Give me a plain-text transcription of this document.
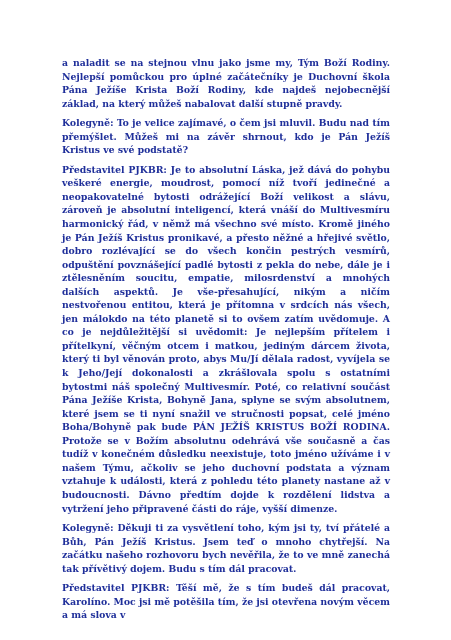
a naladit se na stejnou vlnu jako jsme my, Tým Boží Rodiny. Nejlepší pomůckou pro úplné začátečníky je Duchovní škola Pána Ježíše Krista Boží Rodiny, kde najdeš nejobecnější základ, na který můžeš nabalovat další stupně pravdy.

Kolegyně: To je velice zajímavé, o čem jsi mluvil. Budu nad tím přemýšlet. Můžeš mi na závěr shrnout, kdo je Pán Ježíš Kristus ve své podstatě?

Představitel PJKBR: Je to absolutní Láska, jež dává do pohybu veškeré energie, moudrost, pomocí níž tvoří jedinečné a neopakovatelné bytosti odrážející Boží velikost a slávu, zároveň je absolutní inteligencí, která vnáší do Multivesmíru harmonický řád, v němž má všechno své místo. Kromě jiného je Pán Ježíš Kristus pronikavé, a přesto něžné a hřejivé světlo, dobro rozlévající se do všech končin pestrých vesmírů, odpuštění povznášející padlé bytosti z pekla do nebe, dále je i ztělesněním soucitu, empatie, milosrdenství a mnohých dalších aspektů. Je vše-přesahující, nikým a ničím nestvořenou entitou, která je přítomna v srdcích nás všech, jen málokdo na této planetě si to ovšem zatím uvědomuje. A co je nejdůležitější si uvědomit: Je nejlepším přítelem i přítelkyní, věčným otcem i matkou, jediným dárcem života, který ti byl věnován proto, abys Mu/Jí dělala radost, vyvíjela se k Jeho/Její dokonalosti a zkrášlovala spolu s ostatními bytostmi náš společný Multivesmír. Poté, co relativní součást Pána Ježíše Krista, Bohyně Jana, splyne se svým absolutnem, které jsem se ti nyní snažil ve stručnosti popsat, celé jméno Boha/Bohyně pak bude PÁN JEŽÍŠ KRISTUS BOŽÍ RODINA. Protože se v Božím absolutnu odehrává vše současně a čas tudíž v konečném důsledku neexistuje, toto jméno užíváme i v našem Týmu, ačkoliv se jeho duchovní podstata a význam vztahuje k události, která z pohledu této planety nastane až v budoucnosti. Dávno předtím dojde k rozdělení lidstva a vytržení jeho připravené části do ráje, vyšší dimenze.

Kolegyně: Děkuji ti za vysvětlení toho, kým jsi ty, tví přátelé a Bůh, Pán Ježíš Kristus. Jsem teď o mnoho chytřejší. Na začátku našeho rozhovoru bych nevěřila, že to ve mně zanechá tak přívětivý dojem. Budu s tím dál pracovat.

Představitel PJKBR: Těší mě, že s tím budeš dál pracovat, Karolíno. Moc jsi mě potěšila tím, že jsi otevřena novým věcem a má slova v
